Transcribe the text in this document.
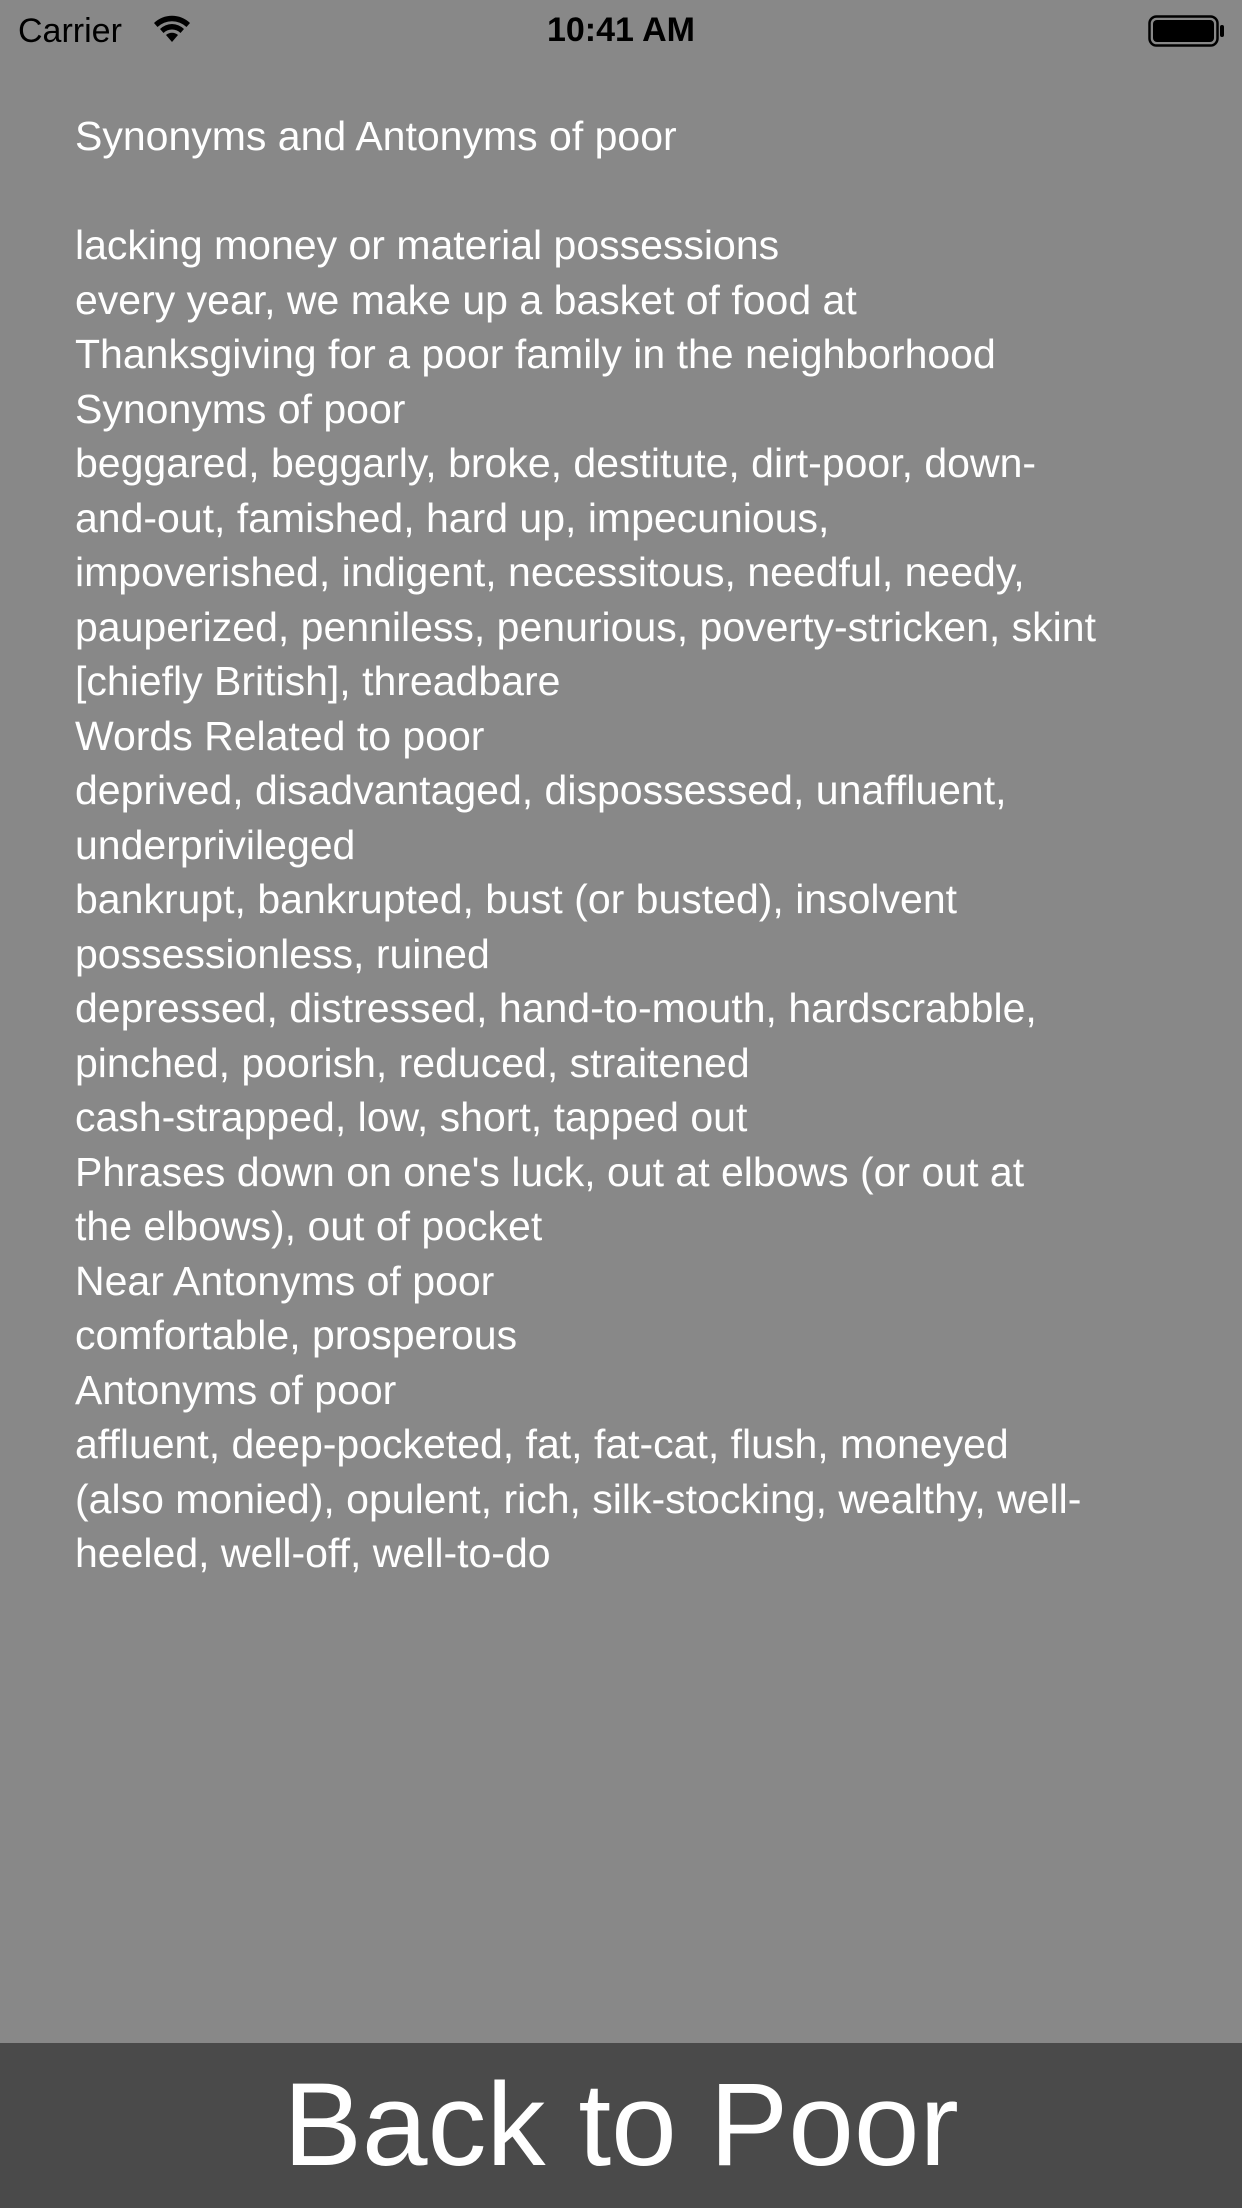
Carrier	10:41 AM
Synonyms and Antonyms of poor
lacking money or material possessions
every year, we make up a basket of food at
Thanksgiving for a poor family in the neighborhood
Synonyms of poor
beggared, beggarly, broke, destitute, dirt-poor, down-
and-out, famished, hard up, impecunious,
impoverished, indigent, necessitous, needful, needy,
pauperized, penniless, penurious, poverty-stricken, skint
[chiefly British], threadbare
Words Related to poor
deprived, disadvantaged, dispossessed, unaffluent,
underprivileged
bankrupt, bankrupted, bust (or busted), insolvent
possessionless, ruined
depressed, distressed, hand-to-mouth, hardscrabble,
pinched, poorish, reduced, straitened
cash-strapped, low, short, tapped out
Phrases down on one's luck, out at elbows (or out at
the elbows), out of pocket
Near Antonyms of poor
comfortable, prosperous
Antonyms of poor
affluent, deep-pocketed, fat, fat-cat, flush, moneyed
(also monied), opulent, rich, silk-stocking, wealthy, well-
heeled, well-off, well-to-do
Back to Poor
